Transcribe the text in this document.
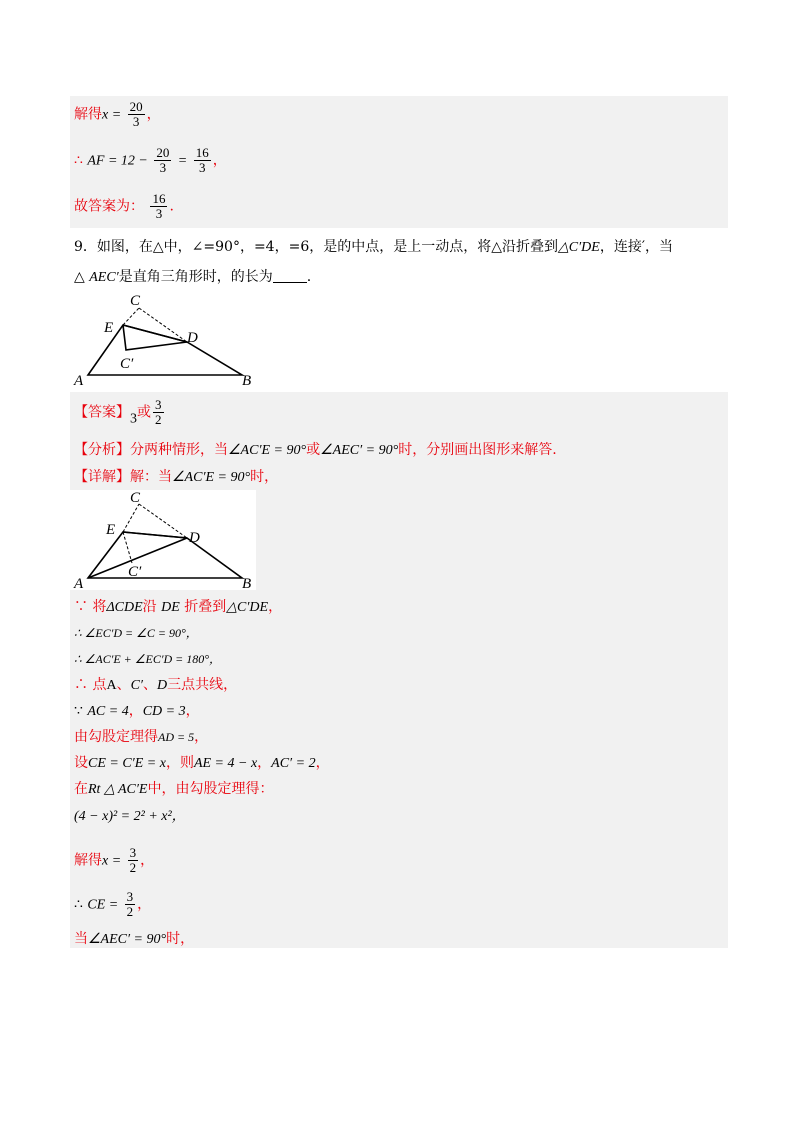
解得$x = \frac{20}{3}$ ，
∴ AF = $12 - \frac{20}{3} = \frac{16}{3}$ ，
故答案为： $\frac{16}{3}$ .
9．如图，在△中，∠=90°，=4，=6，是的中点，是上一动点，将△沿折叠到△C′DE，连接′，当
△ AEC′是直角三角形时，的长为 .
A	B
C
D
E
C′
【答案】3或 $\frac{3}{2}$
【分析】分两种情形，当∠AC′E = 90°或∠AEC′ = 90°时，分别画出图形来解答.
【详解】解：当∠AC′E = 90°时，
A	B
C
D
E
C′
∵ 将ΔCDE沿 DE 折叠到△C′DE，
∴ ∠EC′D = ∠C = 90°，
∴ ∠AC′E + ∠EC′D = 180°，
∴ 点A、C′、D三点共线，
∵ AC = 4，CD = 3，
由勾股定理得AD = 5，
设CE = C′E = x，则AE = 4 − x，AC′ = 2，
在Rt △ AC′E中，由勾股定理得：
(4 − x)² = 2² + x²，
解得$x = \frac{3}{2}$ ，
∴ CE = $\frac{3}{2}$ ，
当∠AEC′ = 90°时，
